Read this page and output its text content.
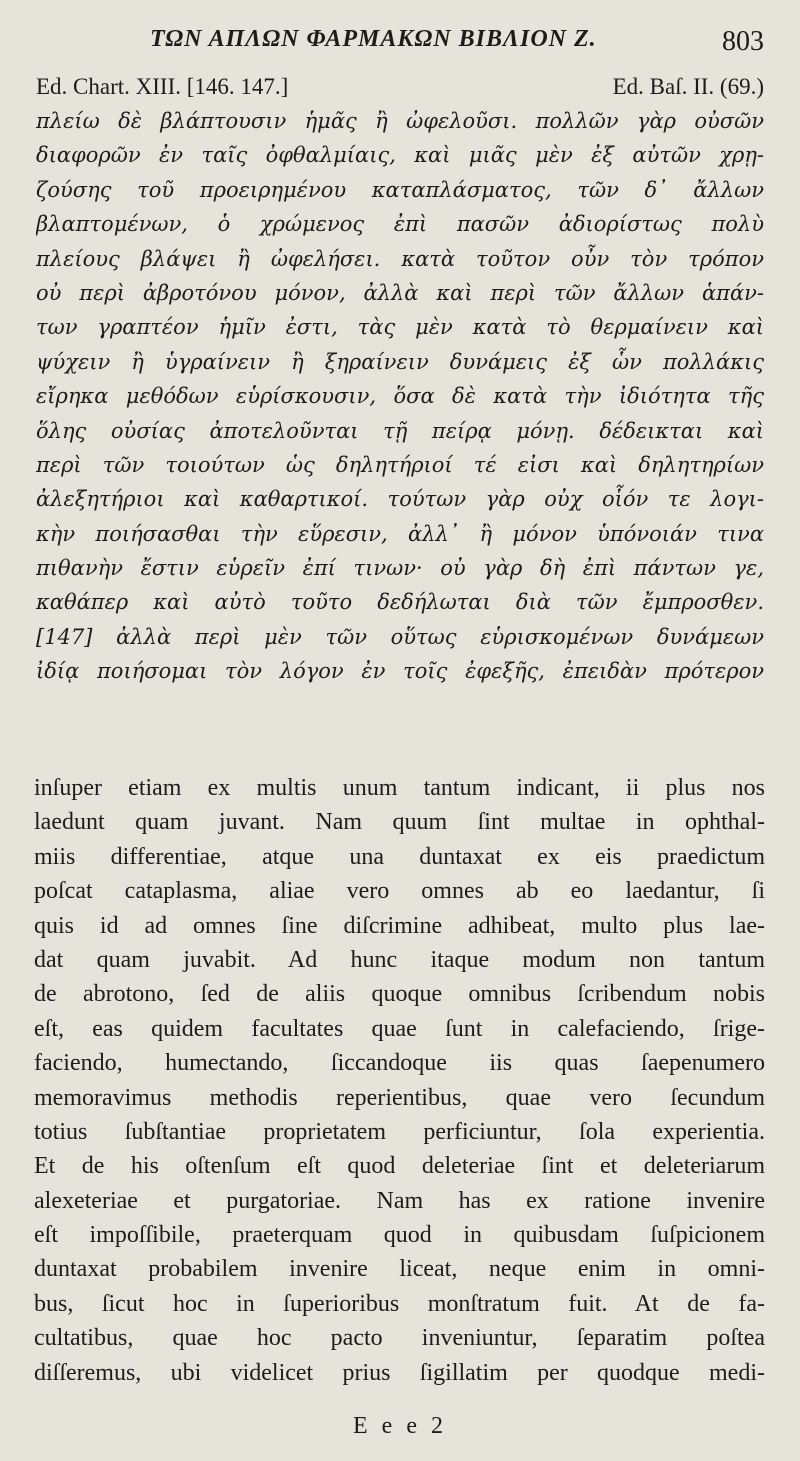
ΤΩΝ ΑΠΛΩΝ ΦΑΡΜΑΚΩΝ ΒΙΒΛΙΟΝ Ζ.	803
Ed. Chart. XIII. [146. 147.]	Ed. Baſ. II. (69.)
πλείω δὲ βλάπτουσιν ἡμᾶς ἢ ὠφελοῦσι. πολλῶν γὰρ οὐσῶν
διαφορῶν ἐν ταῖς ὀφθαλμίαις, καὶ μιᾶς μὲν ἐξ αὐτῶν χρῃ-
ζούσης τοῦ προειρημένου καταπλάσματος, τῶν δ᾽ ἄλλων
βλαπτομένων, ὁ χρώμενος ἐπὶ πασῶν ἀδιορίστως πολὺ
πλείους βλάψει ἢ ὠφελήσει. κατὰ τοῦτον οὖν τὸν τρόπον
οὐ περὶ ἀβροτόνου μόνον, ἀλλὰ καὶ περὶ τῶν ἄλλων ἁπάν-
των γραπτέον ἡμῖν ἐστι, τὰς μὲν κατὰ τὸ θερμαίνειν καὶ
ψύχειν ἢ ὑγραίνειν ἢ ξηραίνειν δυνάμεις ἐξ ὧν πολλάκις
εἴρηκα μεθόδων εὑρίσκουσιν, ὅσα δὲ κατὰ τὴν ἰδιότητα τῆς
ὅλης οὐσίας ἀποτελοῦνται τῇ πείρᾳ μόνῃ. δέδεικται καὶ
περὶ τῶν τοιούτων ὡς δηλητήριοί τέ εἰσι καὶ δηλητηρίων
ἀλεξητήριοι καὶ καθαρτικοί. τούτων γὰρ οὐχ οἷόν τε λογι-
κὴν ποιήσασθαι τὴν εὕρεσιν, ἀλλ᾽ ἢ μόνον ὑπόνοιάν τινα
πιθανὴν ἔστιν εὑρεῖν ἐπί τινων· οὐ γὰρ δὴ ἐπὶ πάντων γε,
καθάπερ καὶ αὐτὸ τοῦτο δεδήλωται διὰ τῶν ἔμπροσθεν.
[147] ἀλλὰ περὶ μὲν τῶν οὕτως εὑρισκομένων δυνάμεων
ἰδίᾳ ποιήσομαι τὸν λόγον ἐν τοῖς ἐφεξῆς, ἐπειδὰν πρότερον
inſuper etiam ex multis unum tantum indicant, ii plus nos
laedunt quam juvant. Nam quum ſint multae in ophthal-
miis differentiae, atque una duntaxat ex eis praedictum
poſcat cataplasma, aliae vero omnes ab eo laedantur, ſi
quis id ad omnes ſine diſcrimine adhibeat, multo plus lae-
dat quam juvabit. Ad hunc itaque modum non tantum
de abrotono, ſed de aliis quoque omnibus ſcribendum nobis
eſt, eas quidem facultates quae ſunt in calefaciendo, ſrige-
faciendo, humectando, ſiccandoque iis quas ſaepenumero
memoravimus methodis reperientibus, quae vero ſecundum
totius ſubſtantiae proprietatem perficiuntur, ſola experientia.
Et de his oſtenſum eſt quod deleteriae ſint et deleteriarum
alexeteriae et purgatoriae. Nam has ex ratione invenire
eſt impoſſibile, praeterquam quod in quibusdam ſuſpicionem
duntaxat probabilem invenire liceat, neque enim in omni-
bus, ſicut hoc in ſuperioribus monſtratum fuit. At de fa-
cultatibus, quae hoc pacto inveniuntur, ſeparatim poſtea
diſſeremus, ubi videlicet prius ſigillatim per quodque medi-
E e e 2
